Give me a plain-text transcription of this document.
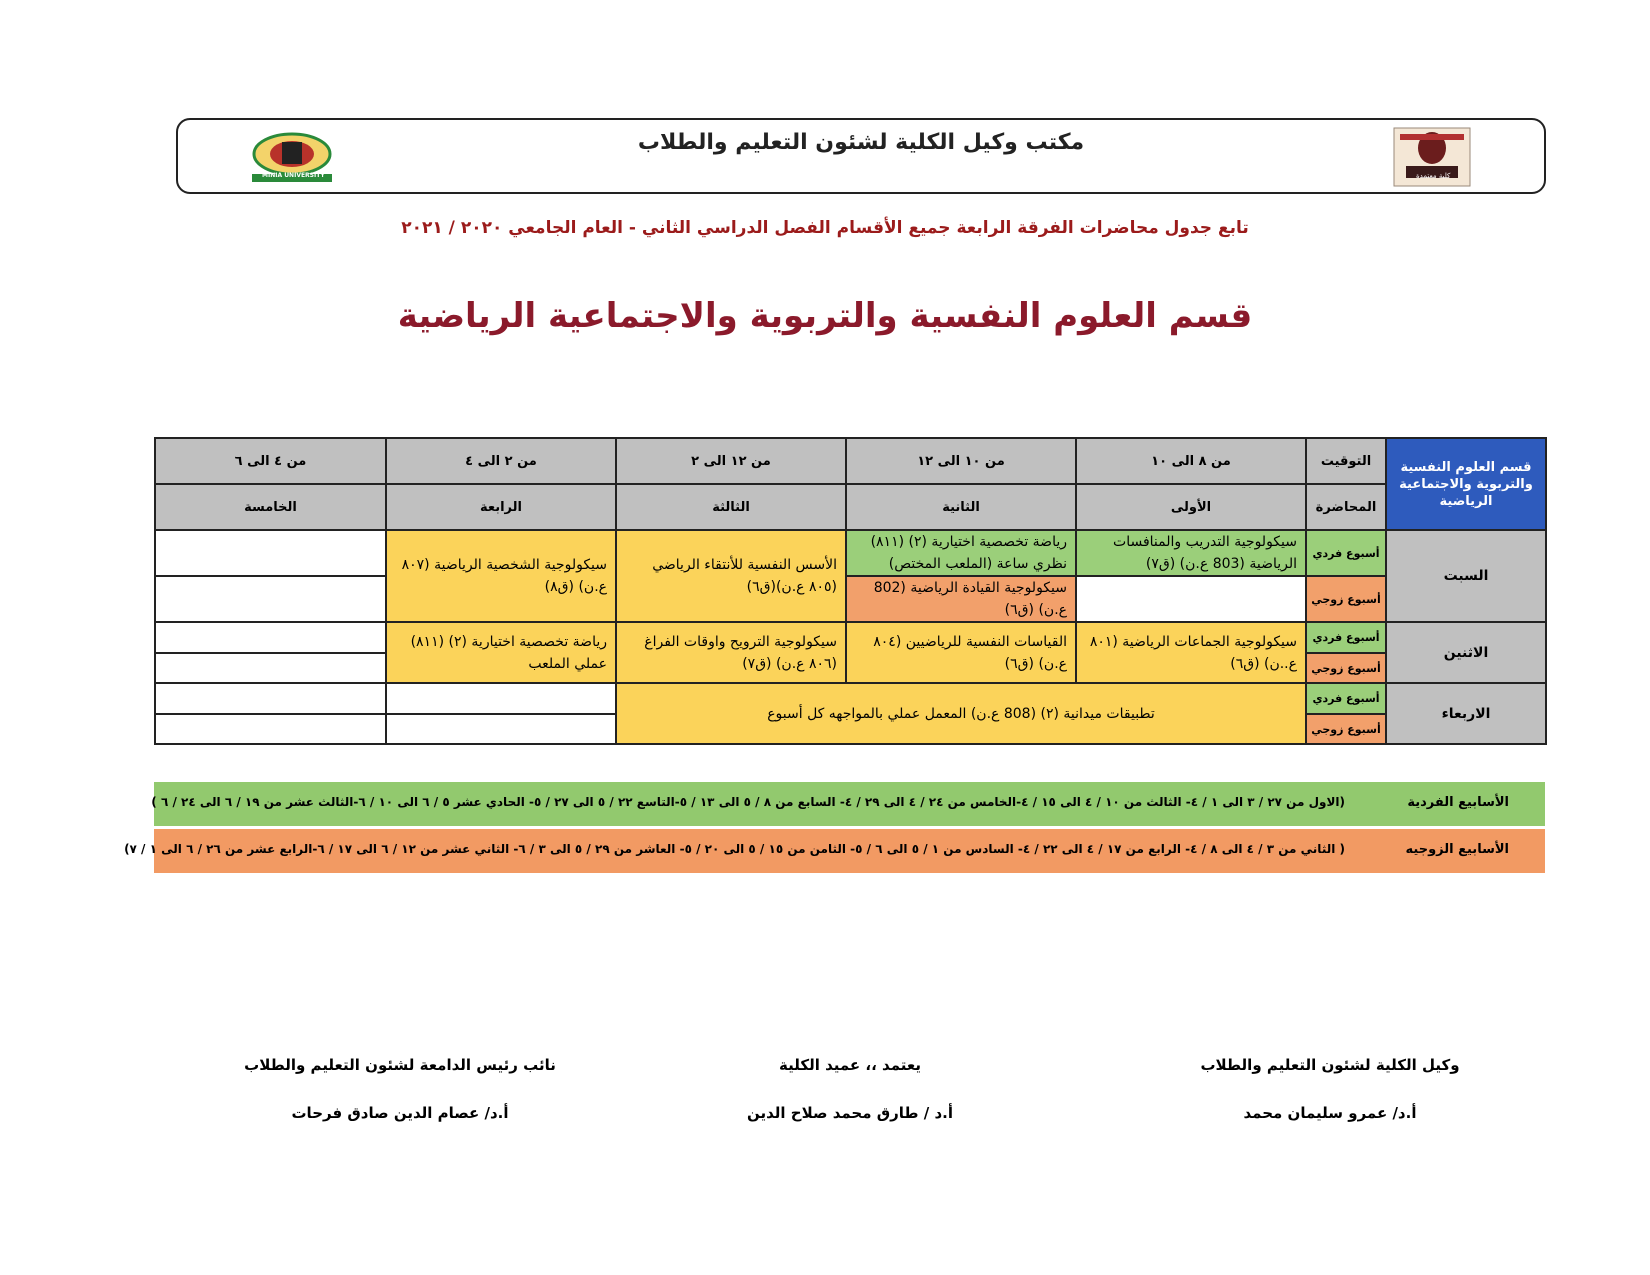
MINIA UNIVERSITY
مكتب وكيل الكلية لشئون التعليم والطلاب
كلية معتمدة
تابع جدول محاضرات الفرقة الرابعة جميع الأقسام الفصل الدراسي الثاني - العام الجامعي ٢٠٢٠ / ٢٠٢١
قسم العلوم النفسية والتربوية والاجتماعية الرياضية
قسم العلوم النفسية والتربوية والاجتماعية الرياضية	التوقيت	من ٨ الى ١٠	من ١٠ الى ١٢	من ١٢ الى ٢	من ٢ الى ٤	من ٤ الى ٦
	المحاضرة	الأولى	الثانية	الثالثة	الرابعة	الخامسة
السبت	أسبوع فردي	سيكولوجية التدريب والمنافسات الرياضية (803 ع.ن) (ق٧)	رياضة تخصصية اختيارية (٢) (٨١١) نظري ساعة (الملعب المختص)	الأسس النفسية للأنتقاء الرياضي (٨٠٥ ع.ن)(ق٦)	سيكولوجية الشخصية الرياضية (٨٠٧ ع.ن) (ق٨)	
	أسبوع زوجي		سيكولوجية القيادة الرياضية (802 ع.ن) (ق٦)			
الاثنين	أسبوع فردي	سيكولوجية الجماعات الرياضية (٨٠١ ع..ن) (ق٦)	القياسات النفسية للرياضيين (٨٠٤ ع.ن) (ق٦)	سيكولوجية الترويح واوقات الفراغ (٨٠٦ ع.ن) (ق٧)	رياضة تخصصية اختيارية (٢) (٨١١) عملي الملعب	
	أسبوع زوجي					
الاربعاء	أسبوع فردي	تطبيقات ميدانية (٢) (808 ع.ن) المعمل عملي بالمواجهه كل أسبوع				
	أسبوع زوجي					
الأسابيع الفردية
(الاول من ٢٧ / ٣ الى ١ / ٤- الثالث من ١٠ / ٤ الى ١٥ / ٤-الخامس من ٢٤ / ٤ الى ٢٩ / ٤- السابع من ٨ / ٥ الى ١٣ / ٥-التاسع ٢٢ / ٥ الى ٢٧ / ٥- الحادي عشر ٥ / ٦ الى ١٠ / ٦-الثالث عشر من ١٩ / ٦ الى ٢٤ / ٦ )
الأسابيع الزوجيه
( الثاني من ٣ / ٤ الى ٨ / ٤- الرابع من ١٧ / ٤ الى ٢٢ / ٤- السادس من ١ / ٥ الى ٦ / ٥- الثامن من ١٥ / ٥ الى ٢٠ / ٥- العاشر من ٢٩ / ٥ الى ٣ / ٦- الثاني عشر من ١٢ / ٦ الى ١٧ / ٦-الرابع عشر من ٢٦ / ٦ الى ١ / ٧)
وكيل الكلية لشئون التعليم والطلاب
أ.د/ عمرو سليمان محمد
يعتمد ،، عميد الكلية
أ.د / طارق محمد صلاح الدين
نائب رئيس الدامعة لشئون التعليم والطلاب
أ.د/ عصام الدين صادق فرحات
